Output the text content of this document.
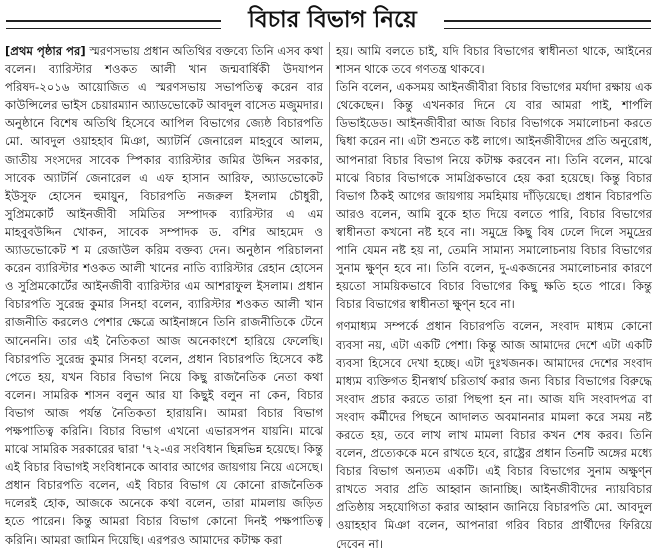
বিচার বিভাগ নিয়ে

[প্রথম পৃষ্ঠার পর] স্মরণসভায় প্রধান অতিথির বক্তব্যে তিনি এসব কথা বলেন। ব্যারিস্টার শওকত আলী খান জন্মবার্ষিকী উদযাপন পরিষদ-২০১৬ আয়োজিত এ স্মরণসভায় সভাপতিত্ব করেন বার কাউন্সিলের ভাইস চেয়ারম্যান অ্যাডভোকেট আবদুল বাসেত মজুমদার। অনুষ্ঠানে বিশেষ অতিথি হিসেবে আপিল বিভাগের জ্যেষ্ঠ বিচারপতি মো. আবদুল ওয়াহহাব মিঞা, অ্যাটর্নি জেনারেল মাহবুবে আলম, জাতীয় সংসদের সাবেক স্পিকার ব্যারিস্টার জমির উদ্দিন সরকার, সাবেক অ্যাটর্নি জেনারেল এ এফ হাসান আরিফ, অ্যাডভোকেট ইউসুফ হোসেন হুমায়ুন, বিচারপতি নজরুল ইসলাম চৌধুরী, সুপ্রিমকোর্ট আইনজীবী সমিতির সম্পাদক ব্যারিস্টার এ এম মাহবুবউদ্দিন খোকন, সাবেক সম্পাদক ড. বশির আহমেদ ও অ্যাডভোকেট শ ম রেজাউল করিম বক্তব্য দেন। অনুষ্ঠান পরিচালনা করেন ব্যারিস্টার শওকত আলী খানের নাতি ব্যারিস্টার রেহান হোসেন ও সুপ্রিমকোর্টের আইনজীবী ব্যারিস্টার এম আশরাফুল ইসলাম। প্রধান বিচারপতি সুরেন্দ্র কুমার সিনহা বলেন, ব্যারিস্টার শওকত আলী খান রাজনীতি করলেও পেশার ক্ষেত্রে আইনাঙ্গনে তিনি রাজনীতিকে টেনে আনেননি। তার এই নৈতিকতা আজ অনেকাংশে হারিয়ে ফেলেছি। বিচারপতি সুরেন্দ্র কুমার সিনহা বলেন, প্রধান বিচারপতি হিসেবে কষ্ট পেতে হয়, যখন বিচার বিভাগ নিয়ে কিছু রাজনৈতিক নেতা কথা বলেন। সামরিক শাসন বলুন আর যা কিছুই বলুন না কেন, বিচার বিভাগ আজ পর্যন্ত নৈতিকতা হারায়নি। আমরা বিচার বিভাগ পক্ষপাতিত্ব করিনি। বিচার বিভাগ এখনো এভারসপন যায়নি। মাঝে মাঝে সামরিক সরকারের দ্বারা '৭২-এর সংবিধান ছিন্নভিন্ন হয়েছে। কিন্তু এই বিচার বিভাগই সংবিধানকে আবার আগের জায়গায় নিয়ে এসেছে। প্রধান বিচারপতি বলেন, এই বিচার বিভাগ যে কোনো রাজনৈতিক দলেরই হোক, আজকে অনেকে কথা বলেন, তারা মামলায় জড়িত হতে পারেন। কিন্তু আমরা বিচার বিভাগ কোনো দিনই পক্ষপাতিত্ব করিনি। আমরা জামিন দিয়েছি। এরপরও আমাদের কটাক্ষ করা

হয়। আমি বলতে চাই, যদি বিচার বিভাগের স্বাধীনতা থাকে, আইনের শাসন থাকে তবে গণতন্ত্র থাকবে।

তিনি বলেন, একসময় আইনজীবীরা বিচার বিভাগের মর্যাদা রক্ষায় এক থেকেছেন। কিন্তু এখনকার দিনে যে বার আমরা পাই, শার্পলি ডিভাইডেড। আইনজীবীরা আজ বিচার বিভাগকে সমালোচনা করতে দ্বিধা করেন না। এটা শুনতে কষ্ট লাগে। আইনজীবীদের প্রতি অনুরোধ, আপনারা বিচার বিভাগ নিয়ে কটাক্ষ করবেন না। তিনি বলেন, মাঝে মাঝে বিচার বিভাগকে সামগ্রিকভাবে হেয় করা হয়েছে। কিন্তু বিচার বিভাগ ঠিকই আগের জায়গায় সমহিমায় দাঁড়িয়েছে। প্রধান বিচারপতি আরও বলেন, আমি বুকে হাত দিয়ে বলতে পারি, বিচার বিভাগের স্বাধীনতা কখনো নষ্ট হবে না। সমুদ্রে কিছু বিষ ঢেলে দিলে সমুদ্রের পানি যেমন নষ্ট হয় না, তেমনি সামান্য সমালোচনায় বিচার বিভাগের সুনাম ক্ষুণ্ন হবে না। তিনি বলেন, দু-একজনের সমালোচনার কারণে হয়তো সাময়িকভাবে বিচার বিভাগের কিছু ক্ষতি হতে পারে। কিন্তু বিচার বিভাগের স্বাধীনতা ক্ষুণ্ন হবে না।

গণমাধ্যম সম্পর্কে প্রধান বিচারপতি বলেন, সংবাদ মাধ্যম কোনো ব্যবসা নয়, এটা একটি পেশা। কিন্তু আজ আমাদের দেশে এটা একটি ব্যবসা হিসেবে দেখা হচ্ছে। এটা দুঃখজনক। আমাদের দেশের সংবাদ মাধ্যম ব্যক্তিগত হীনস্বার্থ চরিতার্থ করার জন্য বিচার বিভাগের বিরুদ্ধে সংবাদ প্রচার করতে তারা পিছপা হন না। আজ যদি সংবাদপত্র বা সংবাদ কর্মীদের পিছনে আদালত অবমাননার মামলা করে সময় নষ্ট করতে হয়, তবে লাখ লাখ মামলা বিচার কখন শেষ করব। তিনি বলেন, প্রত্যেককে মনে রাখতে হবে, রাষ্ট্রের প্রধান তিনটি অঙ্গের মধ্যে বিচার বিভাগ অন্যতম একটি। এই বিচার বিভাগের সুনাম অক্ষুণ্ন রাখতে সবার প্রতি আহ্বান জানাচ্ছি। আইনজীবীদের ন্যায়বিচার প্রতিষ্ঠায় সহযোগিতা করার আহ্বান জানিয়ে বিচারপতি মো. আবদুল ওয়াহহাব মিঞা বলেন, আপনারা গরিব বিচার প্রার্থীদের ফিরিয়ে দেবেন না।
